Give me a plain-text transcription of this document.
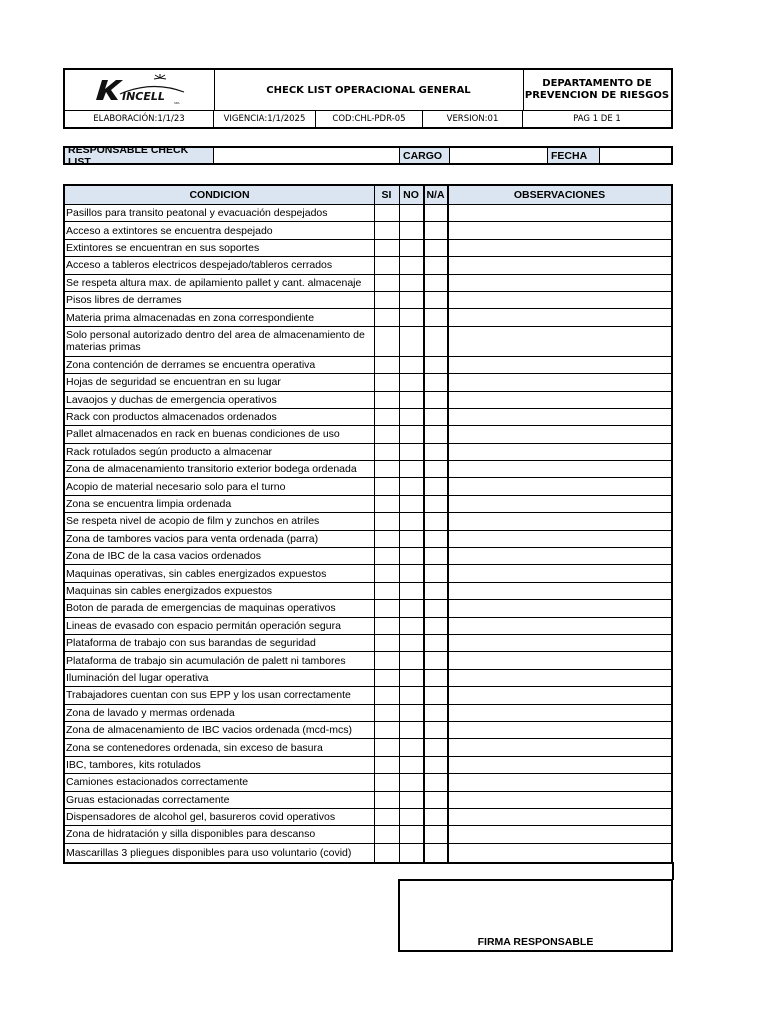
INCELL	SPA
CHECK LIST OPERACIONAL GENERAL
DEPARTAMENTO DE
PREVENCION DE RIESGOS
ELABORACIÓN:1/1/23	VIGENCIA:1/1/2025	COD:CHL-PDR-05	VERSION:01	PAG 1 DE 1
RESPONSABLE CHECK LIST	CARGO	FECHA
CONDICION	SI	NO N/A	OBSERVACIONES
Pasillos para transito peatonal y evacuación despejados
Acceso a extintores se encuentra despejado
Extintores se encuentran en sus soportes
Acceso a tableros electricos despejado/tableros cerrados
Se respeta altura max. de apilamiento pallet y cant. almacenaje
Pisos libres de derrames
Materia prima almacenadas en zona correspondiente
Solo personal autorizado dentro del area de almacenamiento de materias primas
Zona contención de derrames se encuentra operativa
Hojas de seguridad se encuentran en su lugar
Lavaojos y duchas de emergencia operativos
Rack con productos almacenados ordenados
Pallet almacenados en rack en buenas condiciones de uso
Rack rotulados según producto a almacenar
Zona de almacenamiento transitorio exterior bodega ordenada
Acopio de material necesario solo para el turno
Zona se encuentra limpia ordenada
Se respeta nivel de acopio de film y zunchos en atriles
Zona de tambores vacios para venta ordenada (parra)
Zona de IBC de la casa vacios ordenados
Maquinas operativas, sin cables energizados expuestos
Maquinas sin cables energizados expuestos
Boton de parada de emergencias de maquinas operativos
Lineas de evasado con espacio permitán operación segura
Plataforma de trabajo con sus barandas de seguridad
Plataforma de trabajo sin acumulación de palett ni tambores
Iluminación del lugar operativa
Trabajadores cuentan con sus EPP y los usan correctamente
Zona de lavado y mermas ordenada
Zona de almacenamiento de IBC vacios ordenada (mcd-mcs)
Zona se contenedores ordenada, sin exceso de basura
IBC, tambores, kits rotulados
Camiones estacionados correctamente
Gruas estacionadas correctamente
Dispensadores de alcohol gel, basureros covid operativos
Zona de hidratación y silla disponibles para descanso
Mascarillas 3 pliegues disponibles para uso voluntario (covid)
FIRMA RESPONSABLE
